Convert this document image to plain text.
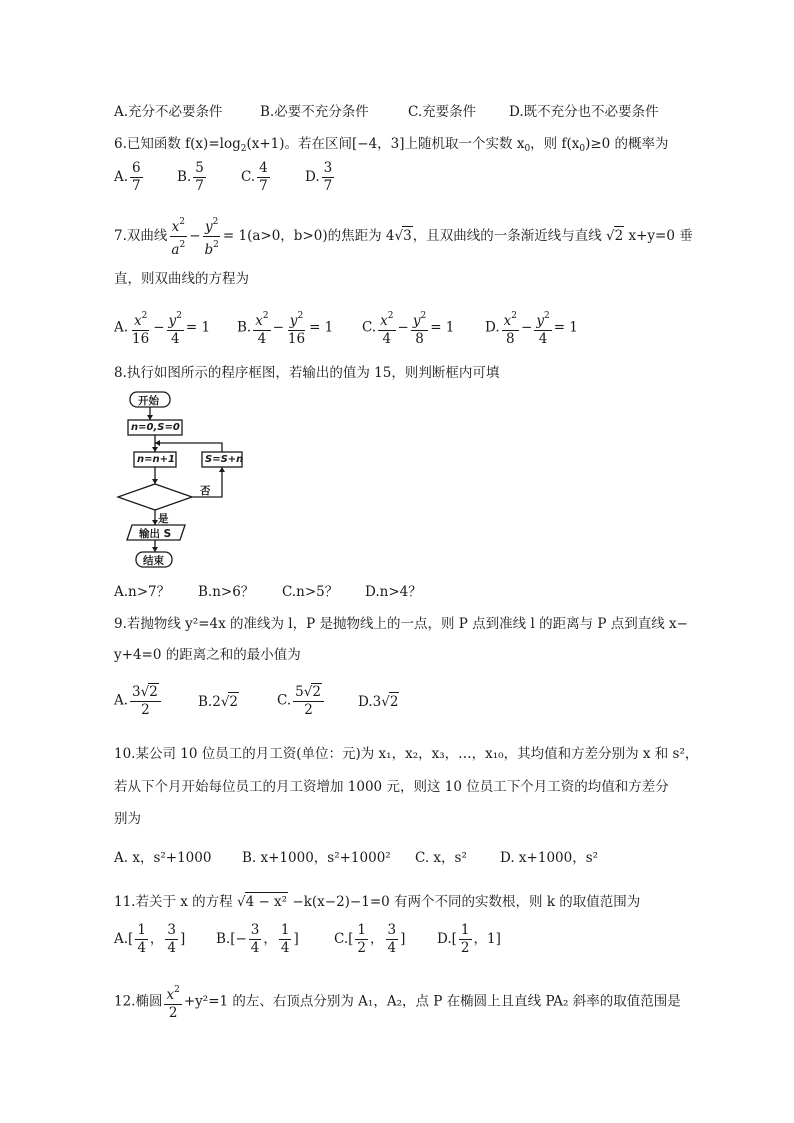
A.充分不必要条件	B.必要不充分条件	C.充要条件 D.既不充分也不必要条件
6.已知函数 $f(x)=\log_2(x+1)$。若在区间[−4，3]上随机取一个实数 $x_0$，则 $f(x_0)\ge 0$ 的概率为
A. $\frac{6}{7}$	B. $\frac{5}{7}$	C. $\frac{4}{7}$	D. $\frac{3}{7}$
7.双曲线 $\frac{x^2}{a^2} - \frac{y^2}{b^2} = 1(a>0$，b>0)的焦距为 4√3，且双曲线的一条渐近线与直线 √2 x+y=0 垂
直，则双曲线的方程为
A. $\frac{x^2}{16} - \frac{y^2}{4} = 1$ B. $\frac{x^2}{4} - \frac{y^2}{16} = 1$ C. $\frac{x^2}{4} - \frac{y^2}{8} = 1$ D. $\frac{x^2}{8} - \frac{y^2}{4} = 1$
8.执行如图所示的程序框图，若输出的值为 15，则判断框内可填
开始
n=0,S=0
n=n+1	S=S+n
否
是
输出 S
结束
A.n>7？ B.n>6？ C.n>5？ D.n>4？
9.若抛物线 y²=4x 的准线为 l，P 是抛物线上的一点，则 P 点到准线 l 的距离与 P 点到直线 x−
y+4=0 的距离之和的最小值为
A. $\frac{3√2}{2}$	B.2√2	C. $\frac{5√2}{2}$	D.3√2
10.某公司 10 位员工的月工资(单位：元)为 x₁，x₂，x₃，…，x₁₀，其均值和方差分别为 x 和 s²，
若从下个月开始每位员工的月工资增加 1000 元，则这 10 位员工下个月工资的均值和方差分
别为
A. x，s²+1000 B. x+1000，s²+1000² C. x，s² D. x+1000，s²
11.若关于 x 的方程 √4 − x² −k(x−2)−1=0 有两个不同的实数根，则 k 的取值范围为
$A.[ \frac{1}{4}$ ， $\frac{3}{4}$ ] $B.[- \frac{3}{4}$ ， $\frac{1}{4}$ ]	$C.[ \frac{1}{2}$ ， $\frac{3}{4}$ ] $D.[ \frac{1}{2}$ ，1]
12.椭圆 $\frac{x^2}{2} +y^2=1$ 的左、右顶点分别为 A₁，A₂，点 P 在椭圆上且直线 PA₂ 斜率的取值范围是
